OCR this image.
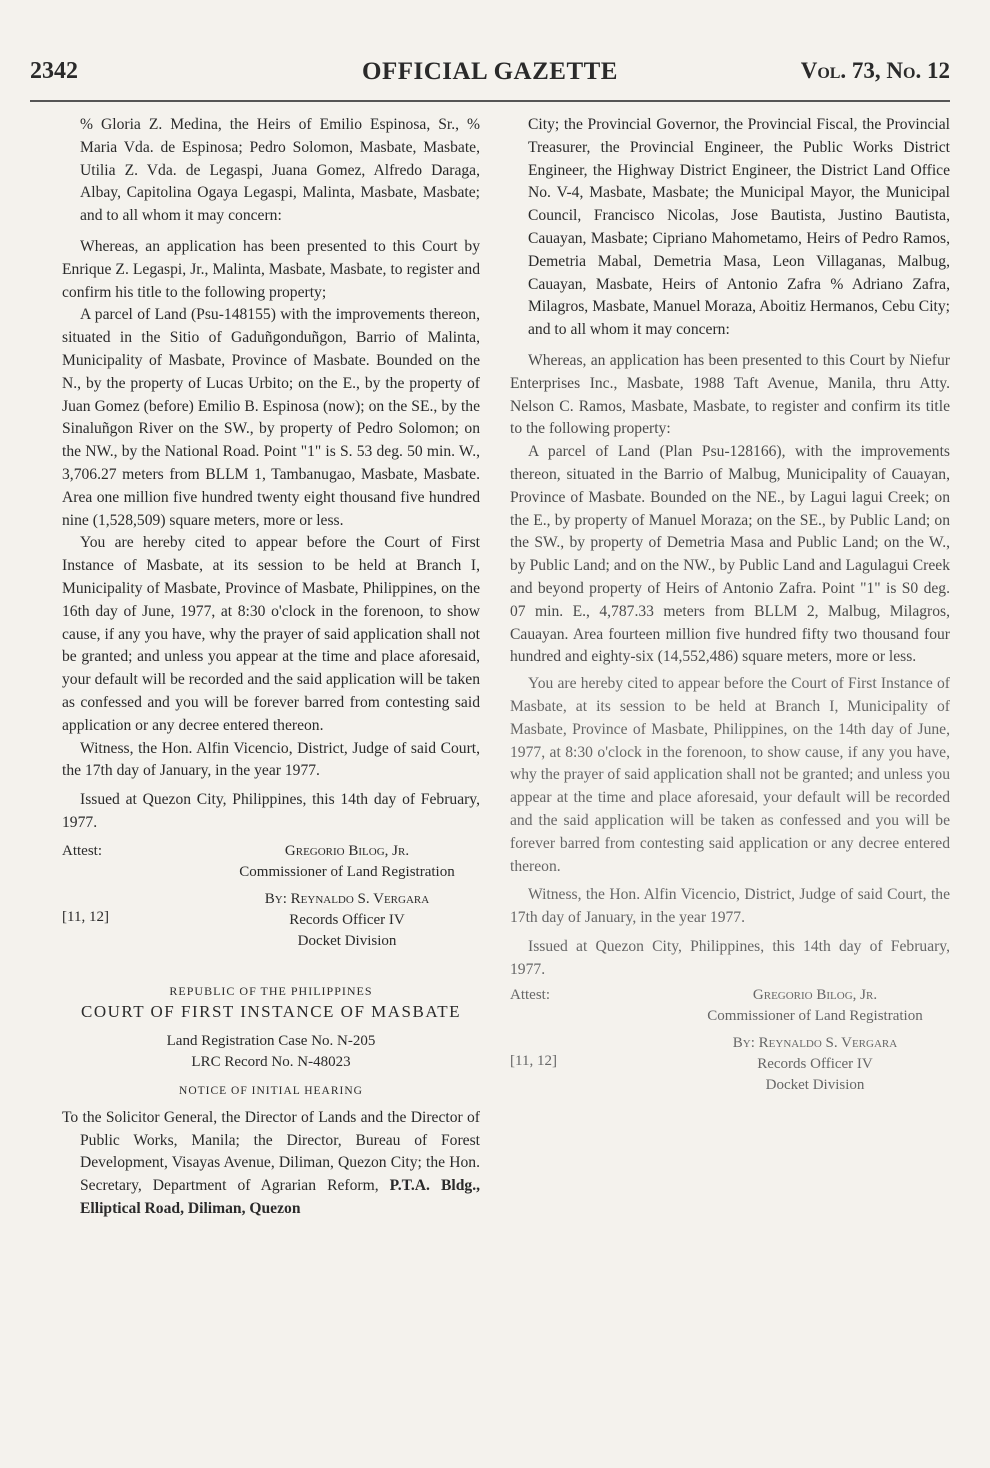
2342	OFFICIAL GAZETTE	Vol. 73, No. 12

% Gloria Z. Medina, the Heirs of Emilio Espinosa, Sr., % Maria Vda. de Espinosa; Pedro Solomon, Masbate, Masbate, Utilia Z. Vda. de Legaspi, Juana Gomez, Alfredo Daraga, Albay, Capitolina Ogaya Legaspi, Malinta, Masbate, Masbate; and to all whom it may concern:

Whereas, an application has been presented to this Court by Enrique Z. Legaspi, Jr., Malinta, Masbate, Masbate, to register and confirm his title to the following property;

A parcel of Land (Psu-148155) with the improvements thereon, situated in the Sitio of Gaduñgonduñgon, Barrio of Malinta, Municipality of Masbate, Province of Masbate. Bounded on the N., by the property of Lucas Urbito; on the E., by the property of Juan Gomez (before) Emilio B. Espinosa (now); on the SE., by the Sinaluñgon River on the SW., by property of Pedro Solomon; on the NW., by the National Road. Point "1" is S. 53 deg. 50 min. W., 3,706.27 meters from BLLM 1, Tambanugao, Masbate, Masbate. Area one million five hundred twenty eight thousand five hundred nine (1,528,509) square meters, more or less.

You are hereby cited to appear before the Court of First Instance of Masbate, at its session to be held at Branch I, Municipality of Masbate, Province of Masbate, Philippines, on the 16th day of June, 1977, at 8:30 o'clock in the forenoon, to show cause, if any you have, why the prayer of said application shall not be granted; and unless you appear at the time and place aforesaid, your default will be recorded and the said application will be taken as confessed and you will be forever barred from contesting said application or any decree entered thereon.

Witness, the Hon. Alfin Vicencio, District, Judge of said Court, the 17th day of January, in the year 1977.

Issued at Quezon City, Philippines, this 14th day of February, 1977.

Attest:	Gregorio Bilog, Jr.
Commissioner of Land Registration
By: Reynaldo S. Vergara
Records Officer IV
Docket Division
[11, 12]
REPUBLIC OF THE PHILIPPINES
COURT OF FIRST INSTANCE OF MASBATE
Land Registration Case No. N-205
LRC Record No. N-48023
NOTICE OF INITIAL HEARING

To the Solicitor General, the Director of Lands and the Director of Public Works, Manila; the Director, Bureau of Forest Development, Visayas Avenue, Diliman, Quezon City; the Hon. Secretary, Department of Agrarian Reform, P.T.A. Bldg., Elliptical Road, Diliman, Quezon

City; the Provincial Governor, the Provincial Fiscal, the Provincial Treasurer, the Provincial Engineer, the Public Works District Engineer, the Highway District Engineer, the District Land Office No. V-4, Masbate, Masbate; the Municipal Mayor, the Municipal Council, Francisco Nicolas, Jose Bautista, Justino Bautista, Cauayan, Masbate; Cipriano Mahometamo, Heirs of Pedro Ramos, Demetria Mabal, Demetria Masa, Leon Villaganas, Malbug, Cauayan, Masbate, Heirs of Antonio Zafra % Adriano Zafra, Milagros, Masbate, Manuel Moraza, Aboitiz Hermanos, Cebu City; and to all whom it may concern:

Whereas, an application has been presented to this Court by Niefur Enterprises Inc., Masbate, 1988 Taft Avenue, Manila, thru Atty. Nelson C. Ramos, Masbate, Masbate, to register and confirm its title to the following property:

A parcel of Land (Plan Psu-128166), with the improvements thereon, situated in the Barrio of Malbug, Municipality of Cauayan, Province of Masbate. Bounded on the NE., by Lagui lagui Creek; on the E., by property of Manuel Moraza; on the SE., by Public Land; on the SW., by property of Demetria Masa and Public Land; on the W., by Public Land; and on the NW., by Public Land and Lagulagui Creek and beyond property of Heirs of Antonio Zafra. Point "1" is S0 deg. 07 min. E., 4,787.33 meters from BLLM 2, Malbug, Milagros, Cauayan. Area fourteen million five hundred fifty two thousand four hundred and eighty-six (14,552,486) square meters, more or less.

You are hereby cited to appear before the Court of First Instance of Masbate, at its session to be held at Branch I, Municipality of Masbate, Province of Masbate, Philippines, on the 14th day of June, 1977, at 8:30 o'clock in the forenoon, to show cause, if any you have, why the prayer of said application shall not be granted; and unless you appear at the time and place aforesaid, your default will be recorded and the said application will be taken as confessed and you will be forever barred from contesting said application or any decree entered thereon.

Witness, the Hon. Alfin Vicencio, District, Judge of said Court, the 17th day of January, in the year 1977.

Issued at Quezon City, Philippines, this 14th day of February, 1977.

Attest:	Gregorio Bilog, Jr.
Commissioner of Land Registration
By: Reynaldo S. Vergara
Records Officer IV
Docket Division
[11, 12]
